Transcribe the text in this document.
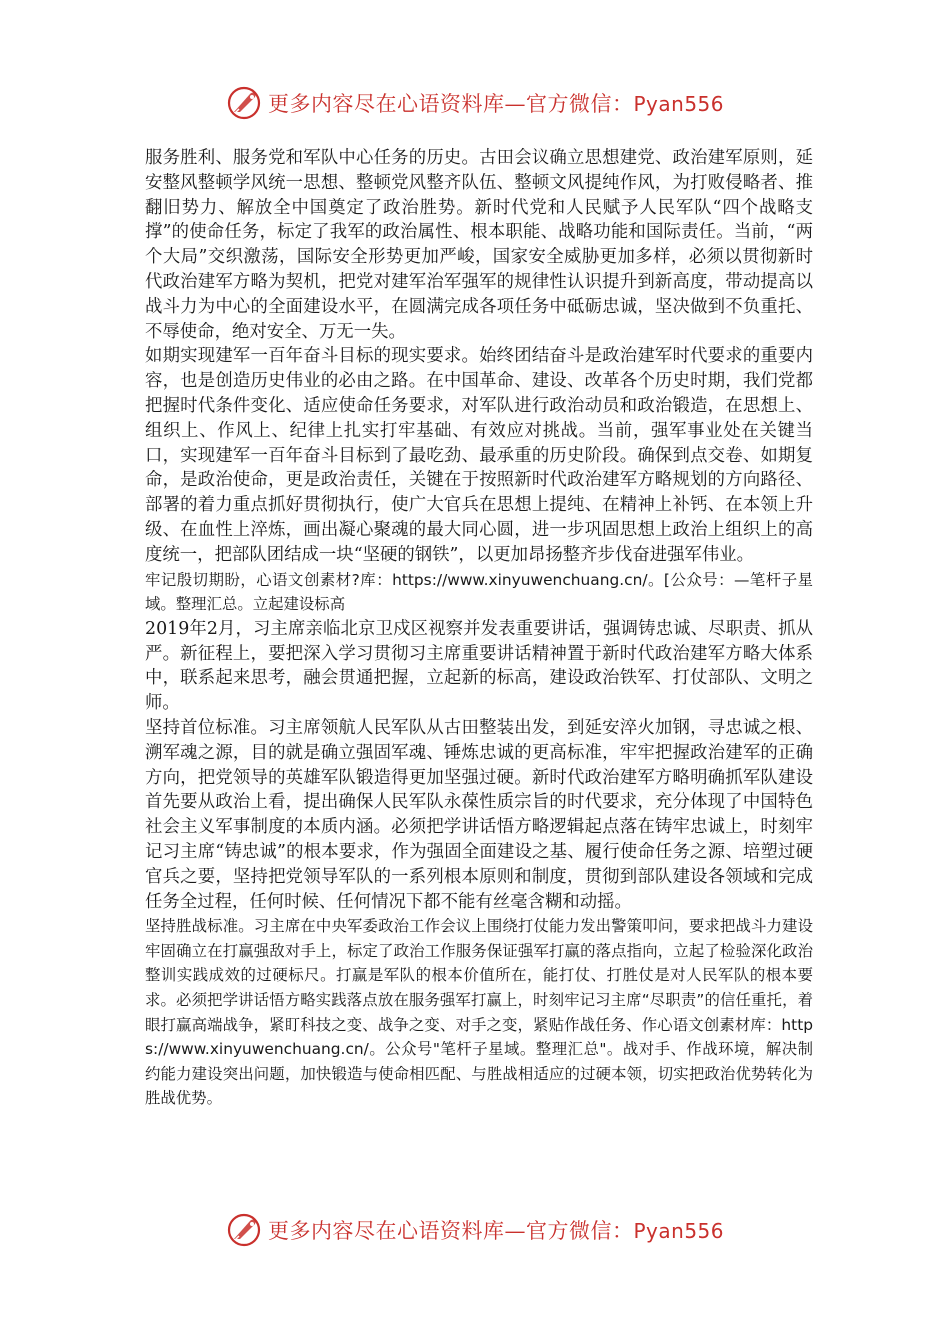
更多内容尽在心语资料库—官方微信：Pyan556

服务胜利、服务党和军队中心任务的历史。古田会议确立思想建党、政治建军原则，延安整风整顿学风统一思想、整顿党风整齐队伍、整顿文风提纯作风，为打败侵略者、推翻旧势力、解放全中国奠定了政治胜势。新时代党和人民赋予人民军队“四个战略支撑”的使命任务，标定了我军的政治属性、根本职能、战略功能和国际责任。当前，“两个大局”交织激荡，国际安全形势更加严峻，国家安全威胁更加多样，必须以贯彻新时代政治建军方略为契机，把党对建军治军强军的规律性认识提升到新高度，带动提高以战斗力为中心的全面建设水平，在圆满完成各项任务中砥砺忠诚，坚决做到不负重托、不辱使命，绝对安全、万无一失。

如期实现建军一百年奋斗目标的现实要求。始终团结奋斗是政治建军时代要求的重要内容，也是创造历史伟业的必由之路。在中国革命、建设、改革各个历史时期，我们党都把握时代条件变化、适应使命任务要求，对军队进行政治动员和政治锻造，在思想上、组织上、作风上、纪律上扎实打牢基础、有效应对挑战。当前，强军事业处在关键当口，实现建军一百年奋斗目标到了最吃劲、最承重的历史阶段。确保到点交卷、如期复命，是政治使命，更是政治责任，关键在于按照新时代政治建军方略规划的方向路径、部署的着力重点抓好贯彻执行，使广大官兵在思想上提纯、在精神上补钙、在本领上升级、在血性上淬炼，画出凝心聚魂的最大同心圆，进一步巩固思想上政治上组织上的高度统一，把部队团结成一块“坚硬的钢铁”，以更加昂扬整齐步伐奋进强军伟业。

牢记殷切期盼，心语文创素材?库：https://www.xinyuwenchuang.cn/。[公众号：—笔杆子星域。整理汇总。立起建设标高

2019年2月，习主席亲临北京卫戍区视察并发表重要讲话，强调铸忠诚、尽职责、抓从严。新征程上，要把深入学习贯彻习主席重要讲话精神置于新时代政治建军方略大体系中，联系起来思考，融会贯通把握，立起新的标高，建设政治铁军、打仗部队、文明之师。

坚持首位标准。习主席领航人民军队从古田整装出发，到延安淬火加钢，寻忠诚之根、溯军魂之源，目的就是确立强固军魂、锤炼忠诚的更高标准，牢牢把握政治建军的正确方向，把党领导的英雄军队锻造得更加坚强过硬。新时代政治建军方略明确抓军队建设首先要从政治上看，提出确保人民军队永葆性质宗旨的时代要求，充分体现了中国特色社会主义军事制度的本质内涵。必须把学讲话悟方略逻辑起点落在铸牢忠诚上，时刻牢记习主席“铸忠诚”的根本要求，作为强固全面建设之基、履行使命任务之源、培塑过硬官兵之要，坚持把党领导军队的一系列根本原则和制度，贯彻到部队建设各领域和完成任务全过程，任何时候、任何情况下都不能有丝毫含糊和动摇。

坚持胜战标准。习主席在中央军委政治工作会议上围绕打仗能力发出警策叩问，要求把战斗力建设牢固确立在打赢强敌对手上，标定了政治工作服务保证强军打赢的落点指向，立起了检验深化政治整训实践成效的过硬标尺。打赢是军队的根本价值所在，能打仗、打胜仗是对人民军队的根本要求。必须把学讲话悟方略实践落点放在服务强军打赢上，时刻牢记习主席“尽职责”的信任重托，着眼打赢高端战争，紧盯科技之变、战争之变、对手之变，紧贴作战任务、作心语文创素材库：https://www.xinyuwenchuang.cn/。公众号"笔杆子星域。整理汇总"。战对手、作战环境，解决制约能力建设突出问题，加快锻造与使命相匹配、与胜战相适应的过硬本领，切实把政治优势转化为胜战优势。

更多内容尽在心语资料库—官方微信：Pyan556
